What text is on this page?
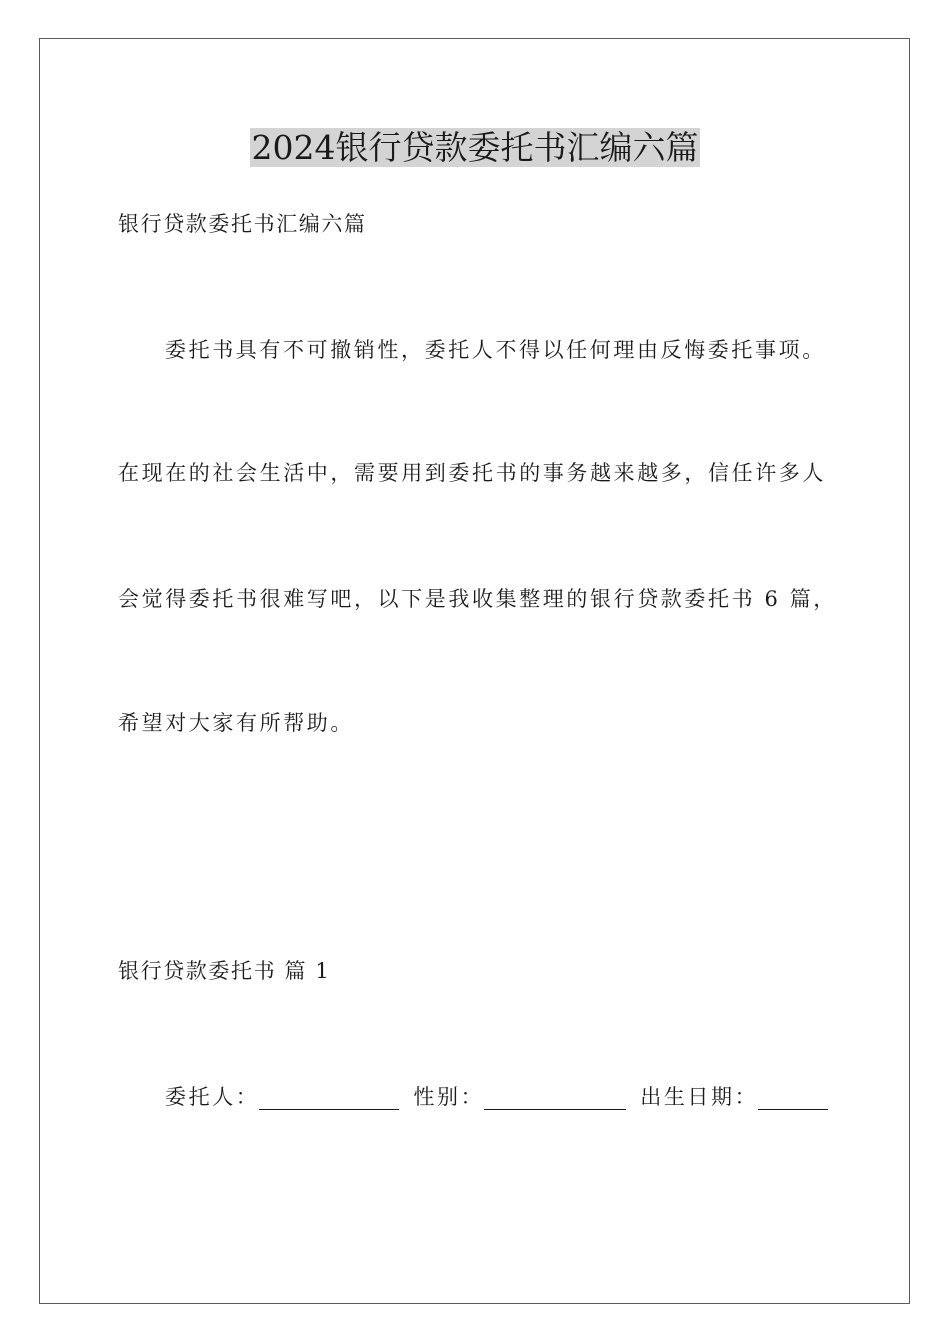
2024银行贷款委托书汇编六篇

银行贷款委托书汇编六篇

委托书具有不可撤销性，委托人不得以任何理由反悔委托事项。

在现在的社会生活中，需要用到委托书的事务越来越多，信任许多人

会觉得委托书很难写吧，以下是我收集整理的银行贷款委托书 6 篇，

希望对大家有所帮助。

银行贷款委托书 篇 1

委托人：	性别：	出生日期：
